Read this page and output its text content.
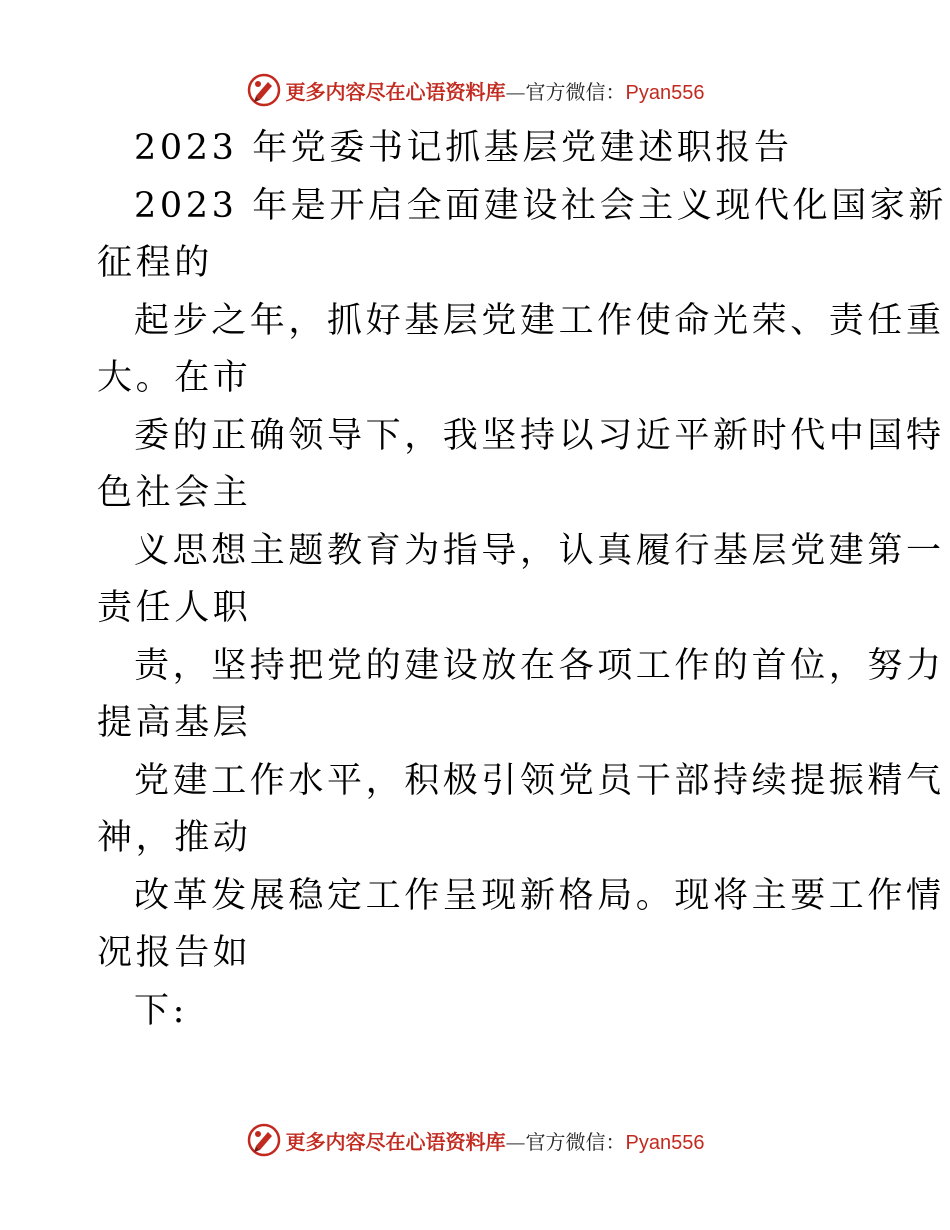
更多内容尽在心语资料库—官方微信：Pyan556
2023 年党委书记抓基层党建述职报告
2023 年是开启全面建设社会主义现代化国家新
征程的
起步之年，抓好基层党建工作使命光荣、责任重
大。在市
委的正确领导下，我坚持以习近平新时代中国特
色社会主
义思想主题教育为指导，认真履行基层党建第一
责任人职
责，坚持把党的建设放在各项工作的首位，努力
提高基层
党建工作水平，积极引领党员干部持续提振精气
神，推动
改革发展稳定工作呈现新格局。现将主要工作情
况报告如
下:
更多内容尽在心语资料库—官方微信：Pyan556
